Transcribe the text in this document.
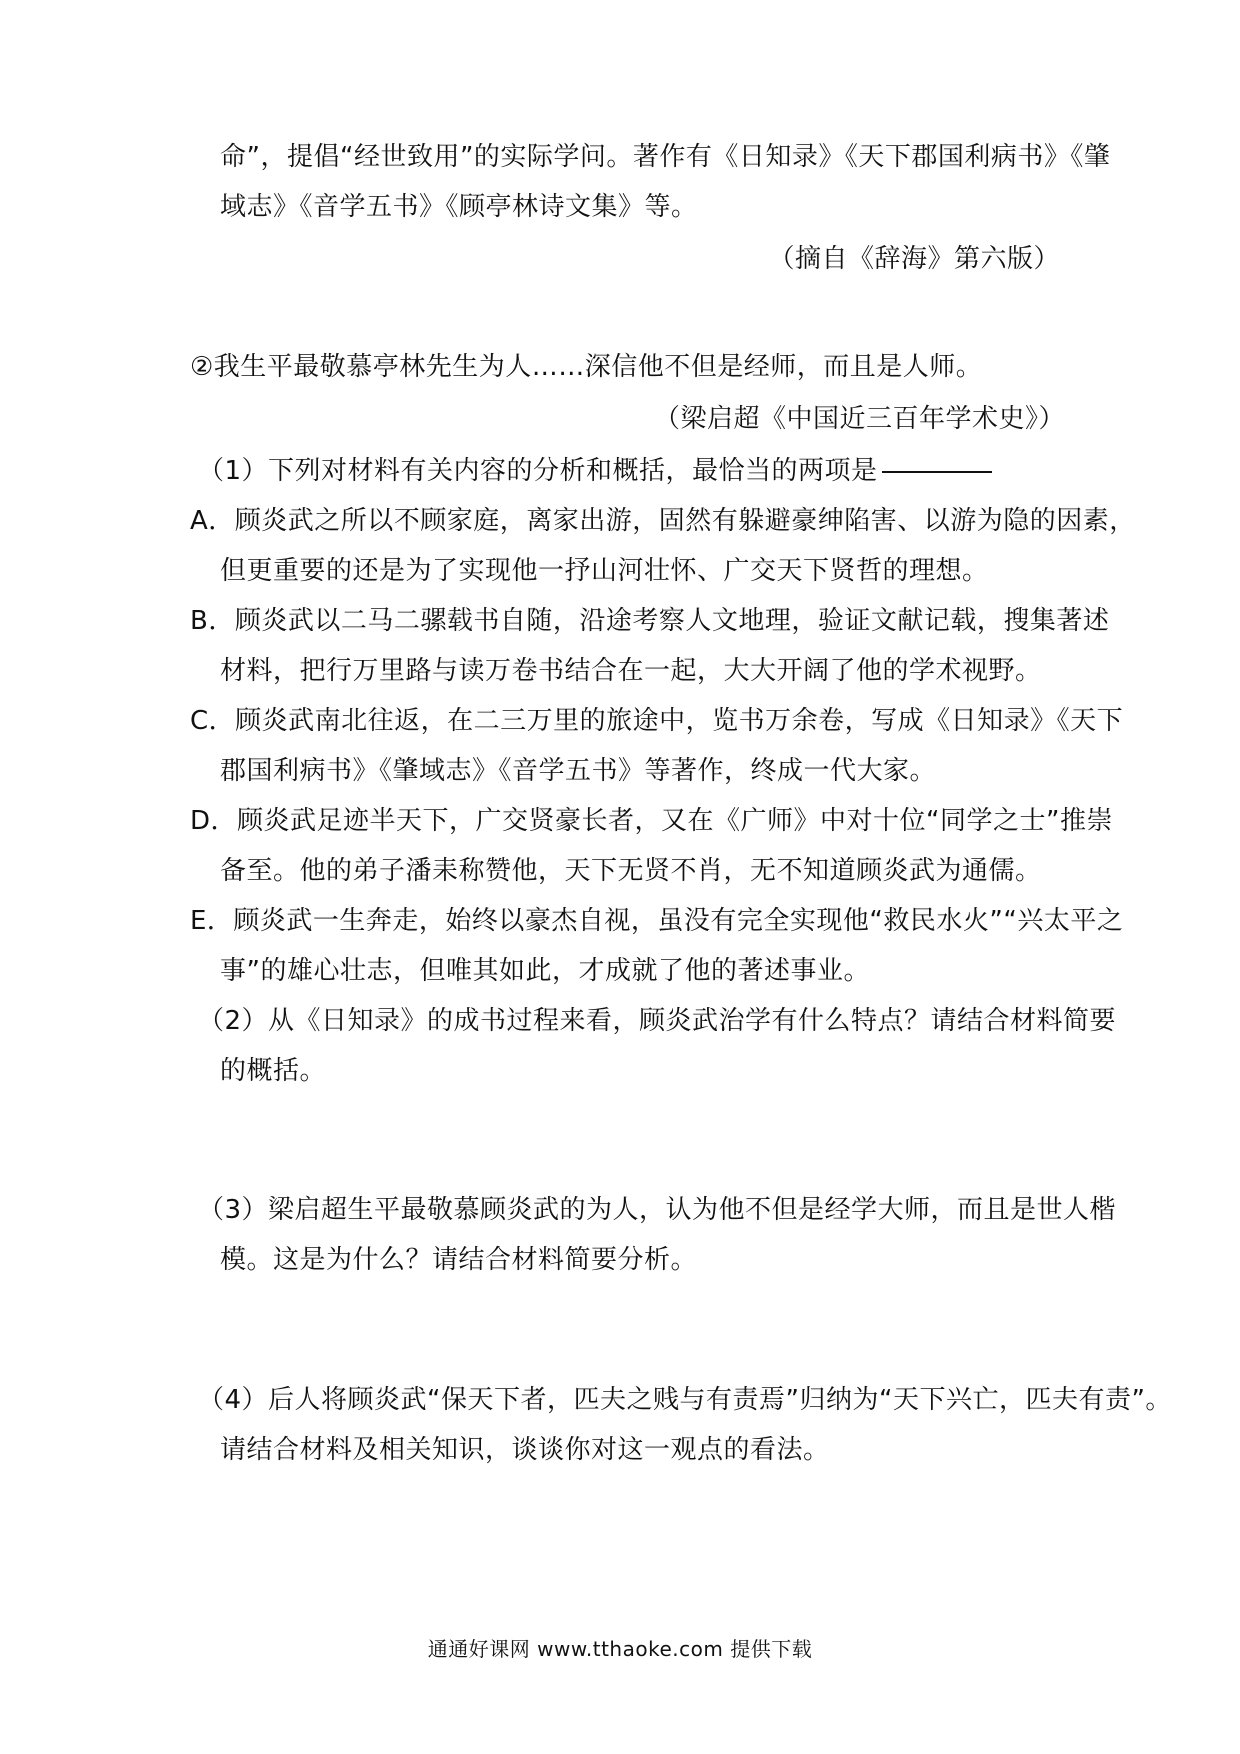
命”，提倡“经世致用”的实际学问。著作有《日知录》《天下郡国利病书》《肇
域志》《音学五书》《顾亭林诗文集》等。
（摘自《辞海》第六版）
②我生平最敬慕亭林先生为人……深信他不但是经师，而且是人师。
（梁启超《中国近三百年学术史》）
（1）下列对材料有关内容的分析和概括，最恰当的两项是
A．顾炎武之所以不顾家庭，离家出游，固然有躲避豪绅陷害、以游为隐的因素，
但更重要的还是为了实现他一抒山河壮怀、广交天下贤哲的理想。
B．顾炎武以二马二骡载书自随，沿途考察人文地理，验证文献记载，搜集著述
材料，把行万里路与读万卷书结合在一起，大大开阔了他的学术视野。
C．顾炎武南北往返，在二三万里的旅途中，览书万余卷，写成《日知录》《天下
郡国利病书》《肇域志》《音学五书》等著作，终成一代大家。
D．顾炎武足迹半天下，广交贤豪长者，又在《广师》中对十位“同学之士”推崇
备至。他的弟子潘耒称赞他，天下无贤不肖，无不知道顾炎武为通儒。
E．顾炎武一生奔走，始终以豪杰自视，虽没有完全实现他“救民水火”“兴太平之
事”的雄心壮志，但唯其如此，才成就了他的著述事业。
（2）从《日知录》的成书过程来看，顾炎武治学有什么特点？请结合材料简要
的概括。
（3）梁启超生平最敬慕顾炎武的为人，认为他不但是经学大师，而且是世人楷
模。这是为什么？请结合材料简要分析。
（4）后人将顾炎武“保天下者，匹夫之贱与有责焉”归纳为“天下兴亡，匹夫有责”。
请结合材料及相关知识，谈谈你对这一观点的看法。
通通好课网 www.tthaoke.com 提供下载
